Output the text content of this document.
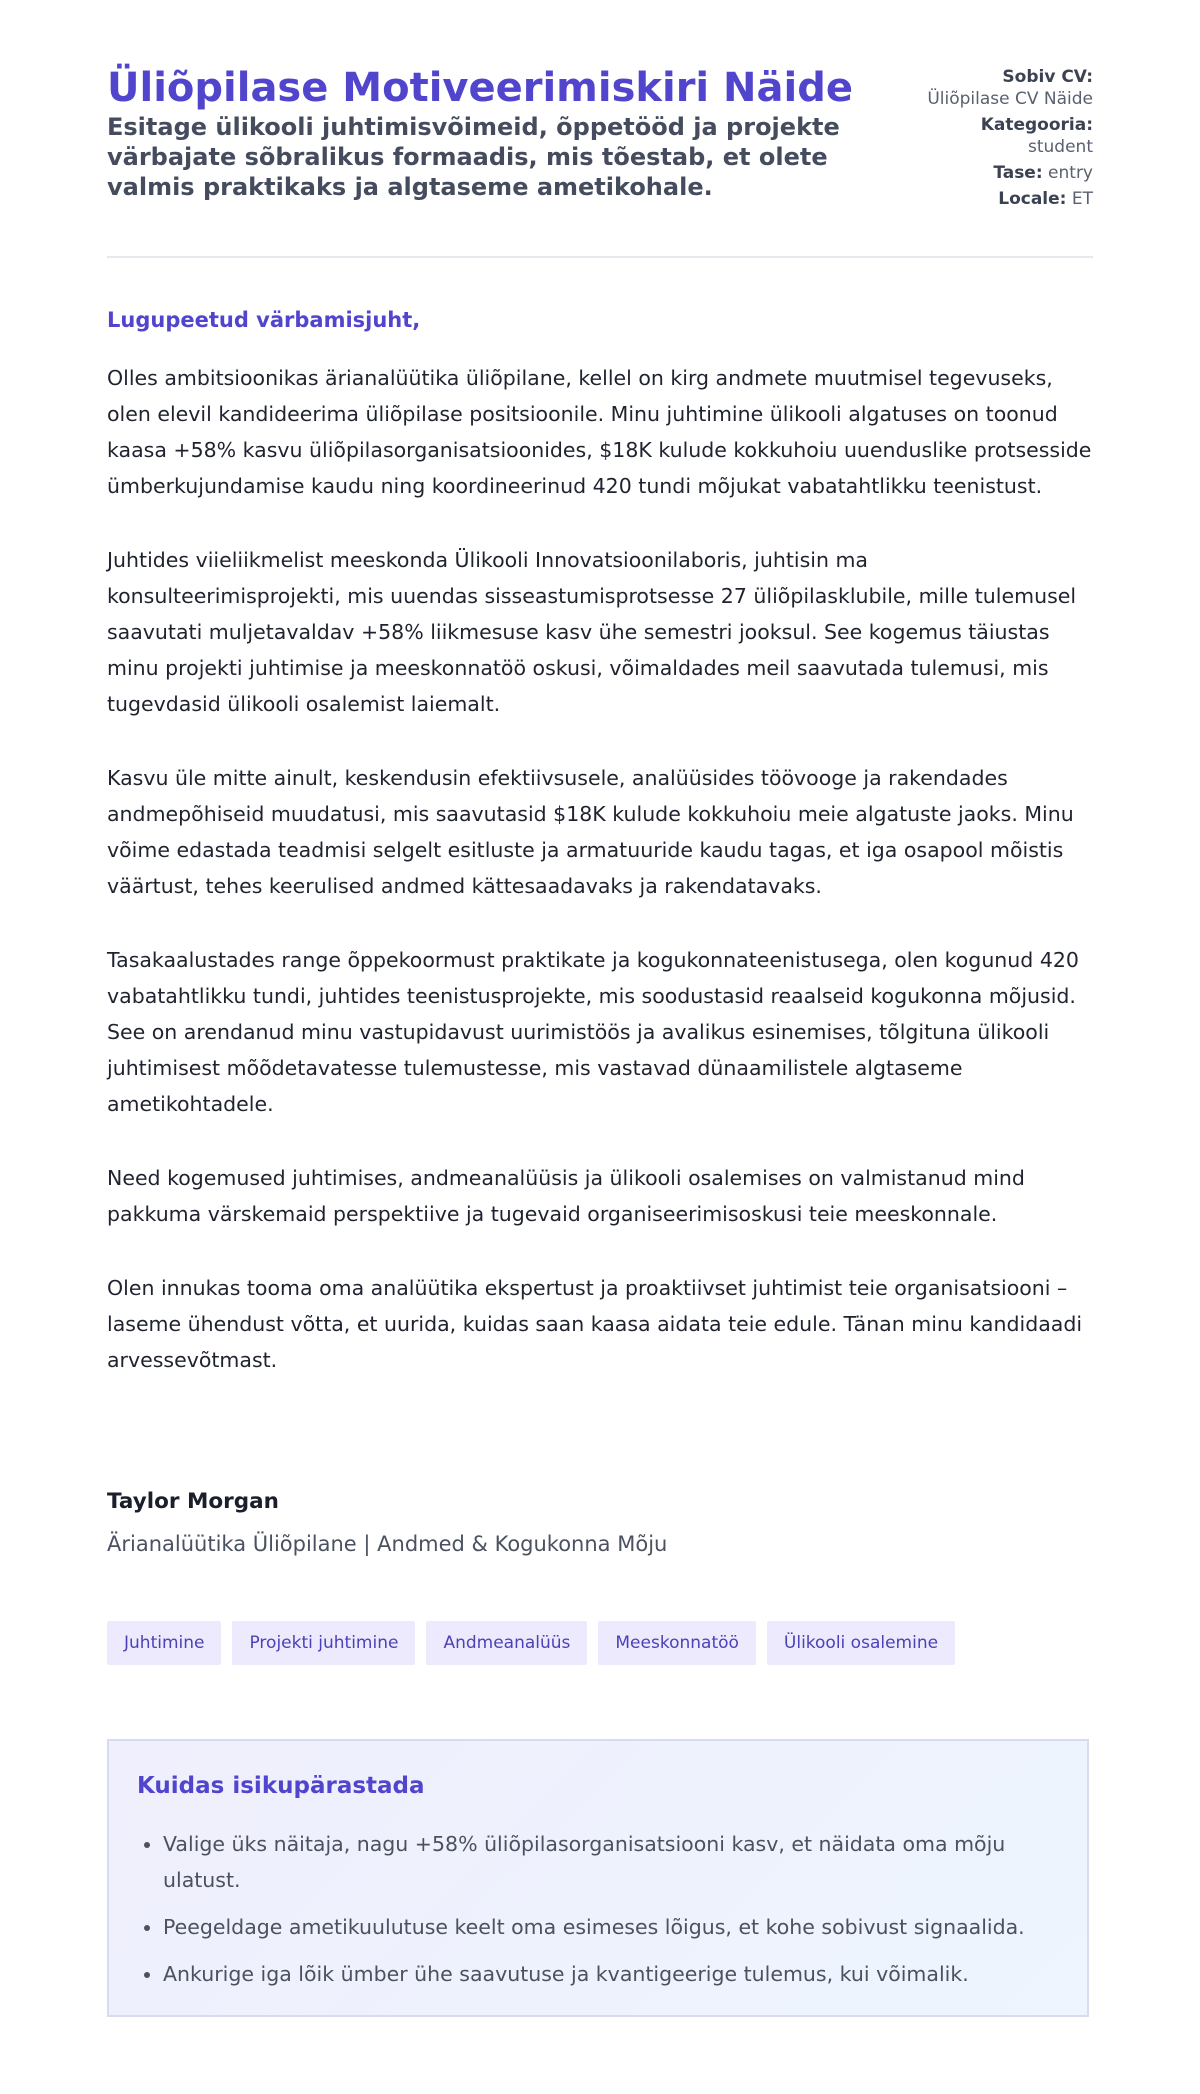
Üliõpilase Motiveerimiskiri Näide

Esitage ülikooli juhtimisvõimeid, õppetööd ja projekte värbajate sõbralikus formaadis, mis tõestab, et olete valmis praktikaks ja algtaseme ametikohale.

Sobiv CV:
Üliõpilase CV Näide

Kategooria:
student

Tase: entry

Locale: ET

Lugupeetud värbamisjuht,

Olles ambitsioonikas ärianalüütika üliõpilane, kellel on kirg andmete muutmisel tegevuseks, olen elevil kandideerima üliõpilase positsioonile. Minu juhtimine ülikooli algatuses on toonud kaasa +58% kasvu üliõpilasorganisatsioonides, $18K kulude kokkuhoiu uuenduslike protsesside ümberkujundamise kaudu ning koordineerinud 420 tundi mõjukat vabatahtlikku teenistust.

Juhtides viieliikmelist meeskonda Ülikooli Innovatsioonilaboris, juhtisin ma konsulteerimisprojekti, mis uuendas sisseastumisprotsesse 27 üliõpilasklubile, mille tulemusel saavutati muljetavaldav +58% liikmesuse kasv ühe semestri jooksul. See kogemus täiustas minu projekti juhtimise ja meeskonnatöö oskusi, võimaldades meil saavutada tulemusi, mis tugevdasid ülikooli osalemist laiemalt.

Kasvu üle mitte ainult, keskendusin efektiivsusele, analüüsides töövooge ja rakendades andmepõhiseid muudatusi, mis saavutasid $18K kulude kokkuhoiu meie algatuste jaoks. Minu võime edastada teadmisi selgelt esitluste ja armatuuride kaudu tagas, et iga osapool mõistis väärtust, tehes keerulised andmed kättesaadavaks ja rakendatavaks.

Tasakaalustades range õppekoormust praktikate ja kogukonnateenistusega, olen kogunud 420 vabatahtlikku tundi, juhtides teenistusprojekte, mis soodustasid reaalseid kogukonna mõjusid. See on arendanud minu vastupidavust uurimistöös ja avalikus esinemises, tõlgituna ülikooli juhtimisest mõõdetavatesse tulemustesse, mis vastavad dünaamilistele algtaseme ametikohtadele.

Need kogemused juhtimises, andmeanalüüsis ja ülikooli osalemises on valmistanud mind pakkuma värskemaid perspektiive ja tugevaid organiseerimisoskusi teie meeskonnale.

Olen innukas tooma oma analüütika ekspertust ja proaktiivset juhtimist teie organisatsiooni – laseme ühendust võtta, et uurida, kuidas saan kaasa aidata teie edule. Tänan minu kandidaadi arvessevõtmast.

Taylor Morgan

Ärianalüütika Üliõpilane | Andmed & Kogukonna Mõju

Juhtimine	Projekti juhtimine	Andmeanalüüs	Meeskonnatöö	Ülikooli osalemine
Kuidas isikupärastada
• Valige üks näitaja, nagu +58% üliõpilasorganisatsiooni kasv, et näidata oma mõju ulatust.
• Peegeldage ametikuulutuse keelt oma esimeses lõigus, et kohe sobivust signaalida.
• Ankurige iga lõik ümber ühe saavutuse ja kvantigeerige tulemus, kui võimalik.
